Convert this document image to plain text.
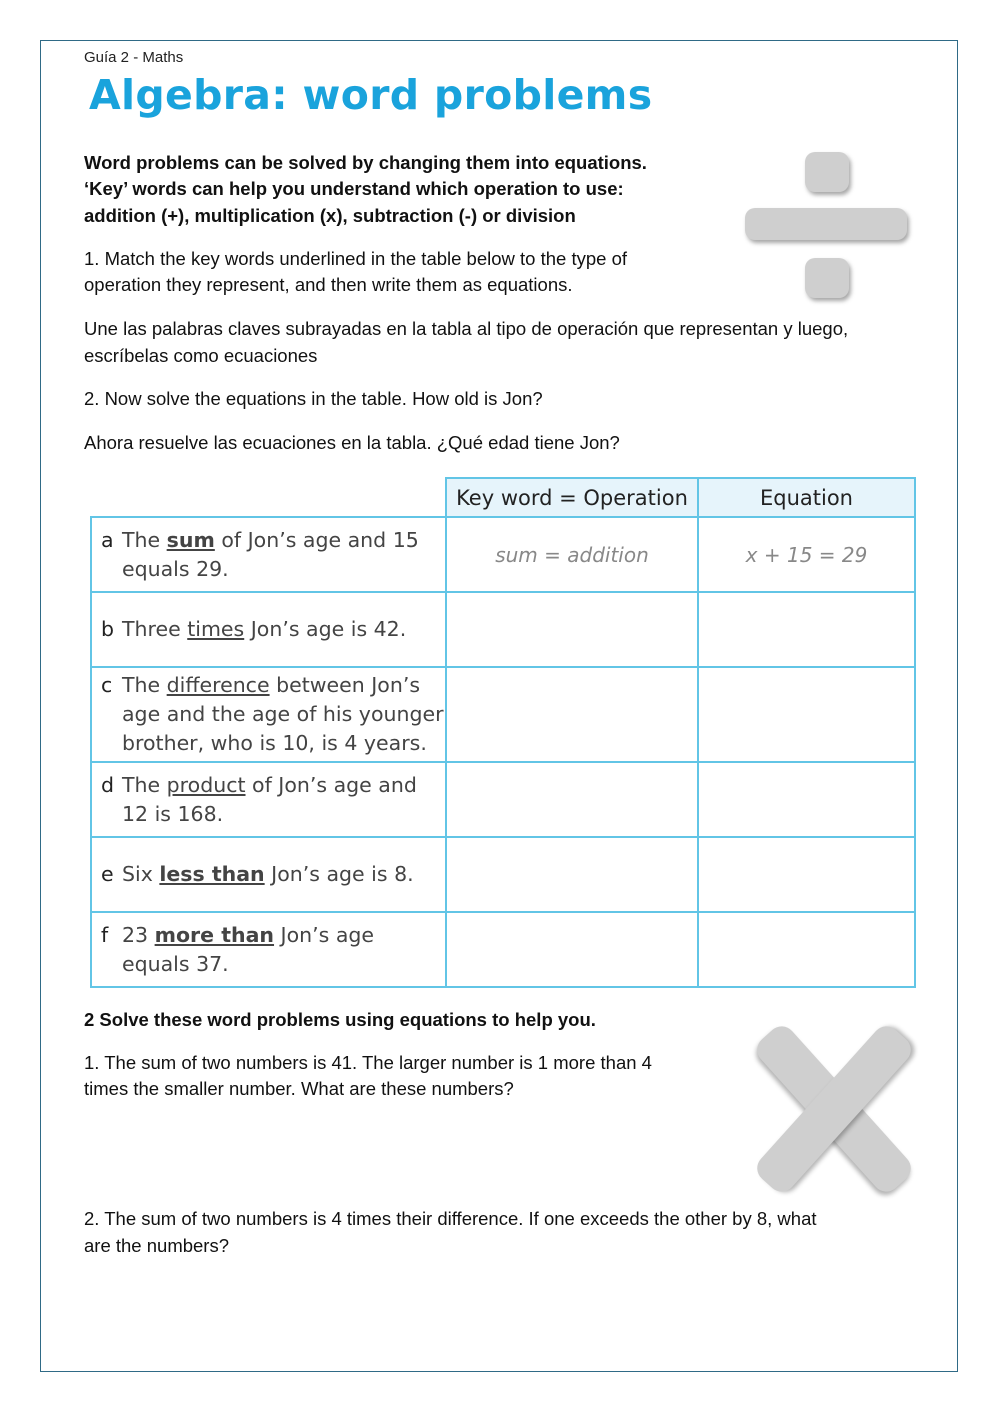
Guía 2 - Maths
Algebra: word problems

Word problems can be solved by changing them into equations.

‘Key’ words can help you understand which operation to use:

addition (+), multiplication (x), subtraction (-) or division

1. Match the key words underlined in the table below to the type of

operation they represent, and then write them as equations.

Une las palabras claves subrayadas en la tabla al tipo de operación que representan y luego,

escríbelas como ecuaciones

2. Now solve the equations in the table. How old is Jon?

Ahora resuelve las ecuaciones en la tabla. ¿Qué edad tiene Jon?

	Key word = Operation	Equation

a The sum of Jon’s age and 15 equals 29.	sum = addition	x + 15 = 29

b Three times Jon’s age is 42.		

c The difference between Jon’s age and the age of his younger brother, who is 10, is 4 years.		

d The product of Jon’s age and 12 is 168.		

e Six less than Jon’s age is 8.		

f 23 more than Jon’s age equals 37.		

2 Solve these word problems using equations to help you.

1. The sum of two numbers is 41. The larger number is 1 more than 4

times the smaller number. What are these numbers?

2. The sum of two numbers is 4 times their difference. If one exceeds the other by 8, what

are the numbers?
